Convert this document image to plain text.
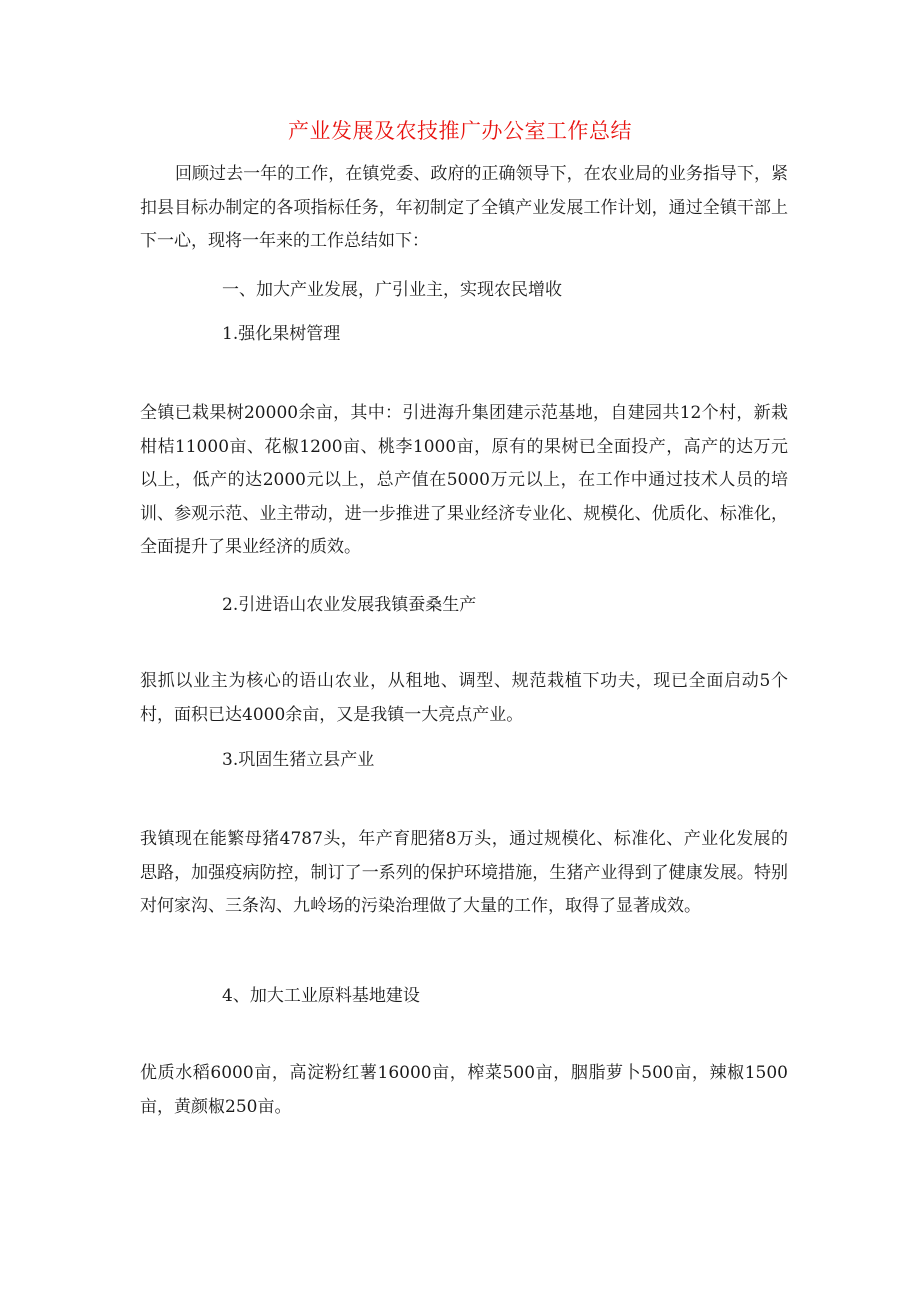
产业发展及农技推广办公室工作总结

回顾过去一年的工作，在镇党委、政府的正确领导下，在农业局的业务指导下，紧扣县目标办制定的各项指标任务，年初制定了全镇产业发展工作计划，通过全镇干部上下一心，现将一年来的工作总结如下：

一、加大产业发展，广引业主，实现农民增收

1.强化果树管理

全镇已栽果树20000余亩，其中：引进海升集团建示范基地，自建园共12个村，新栽柑桔11000亩、花椒1200亩、桃李1000亩，原有的果树已全面投产，高产的达万元以上，低产的达2000元以上，总产值在5000万元以上，在工作中通过技术人员的培训、参观示范、业主带动，进一步推进了果业经济专业化、规模化、优质化、标准化，全面提升了果业经济的质效。

2.引进语山农业发展我镇蚕桑生产

狠抓以业主为核心的语山农业，从租地、调型、规范栽植下功夫，现已全面启动5个村，面积已达4000余亩，又是我镇一大亮点产业。

3.巩固生猪立县产业

我镇现在能繁母猪4787头，年产育肥猪8万头，通过规模化、标准化、产业化发展的思路，加强疫病防控，制订了一系列的保护环境措施，生猪产业得到了健康发展。特别对何家沟、三条沟、九岭场的污染治理做了大量的工作，取得了显著成效。

4、加大工业原料基地建设

优质水稻6000亩，高淀粉红薯16000亩，榨菜500亩，胭脂萝卜500亩，辣椒1500亩，黄颜椒250亩。
